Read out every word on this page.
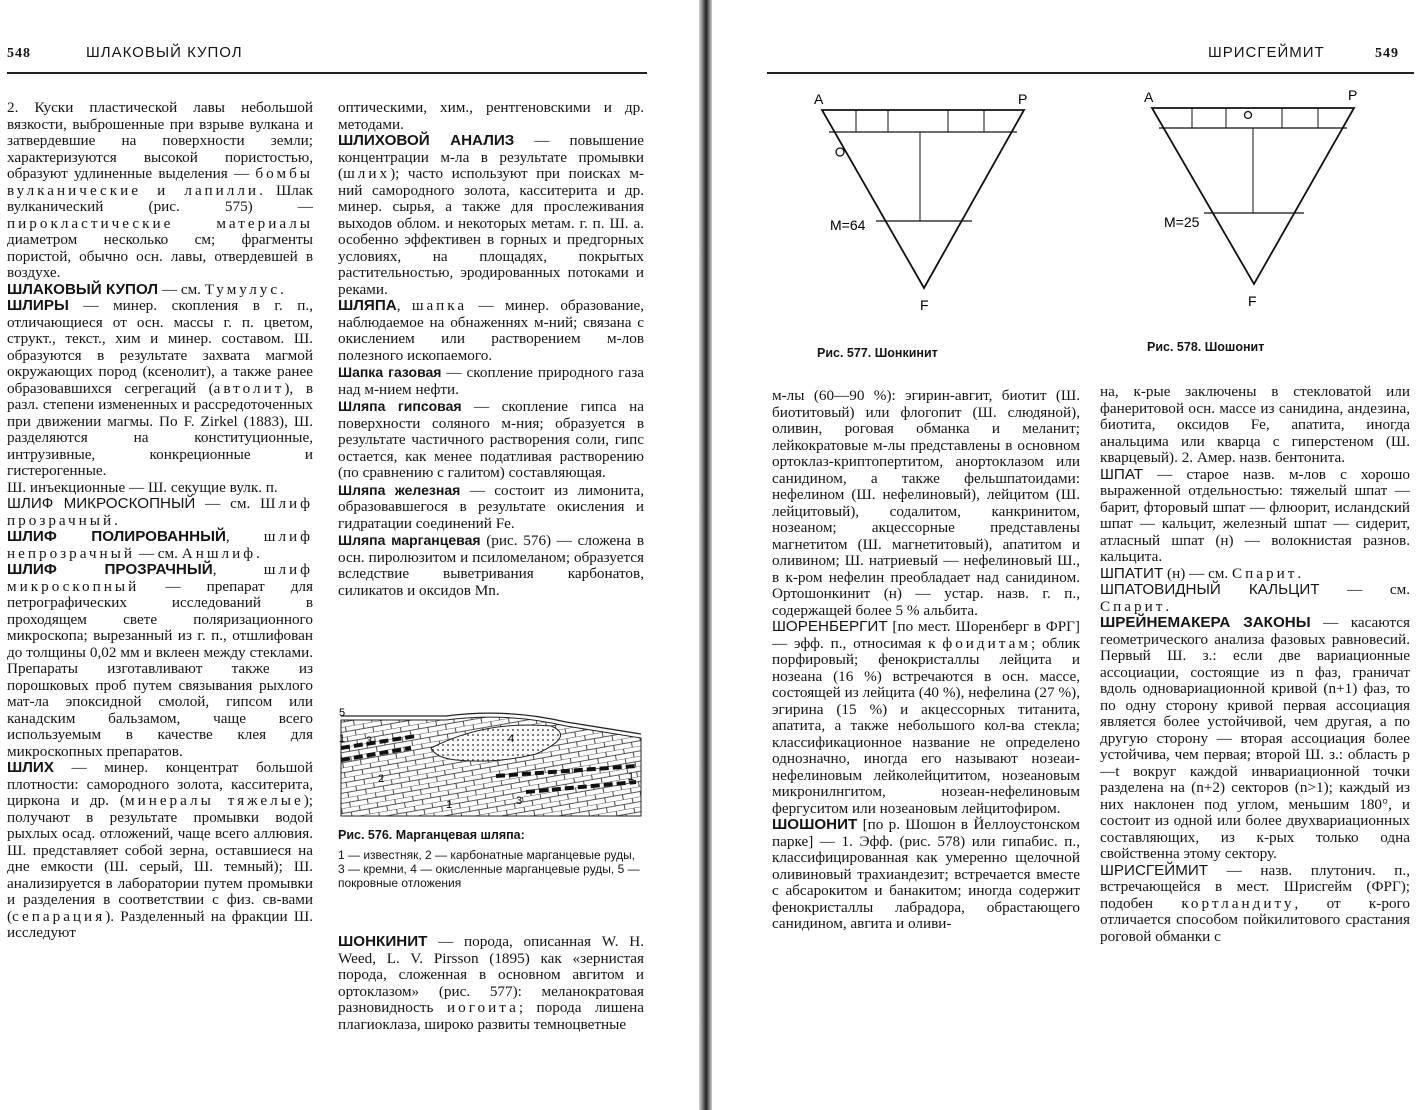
548	ШЛАКОВЫЙ КУПОЛ

2. Куски пластической лавы небольшой вязкости, выброшенные при взрыве вулкана и затвердевшие на поверхности земли; характеризуются высокой пористостью, образуют удлиненные выделения — бомбы вулканические и лапилли. Шлак вулканический (рис. 575) — пирокластические материалы диаметром несколько см; фрагменты пористой, обычно осн. лавы, отвердевшей в воздухе.

ШЛАКОВЫЙ КУПОЛ — см. Тумулус.

ШЛИРЫ — минер. скопления в г. п., отличающиеся от осн. массы г. п. цветом, структ., текст., хим и минер. составом. Ш. образуются в результате захвата магмой окружающих пород (ксенолит), а также ранее образовавшихся сегрегаций (автолит), в разл. степени измененных и рассредоточенных при движении магмы. По F. Zirkel (1883), Ш. разделяются на конституционные, интрузивные, конкреционные и гистерогенные.

Ш. инъекционные — Ш. секущие вулк. п.

ШЛИФ МИКРОСКОПНЫЙ — см. Шлиф прозрачный.

ШЛИФ ПОЛИРОВАННЫЙ, шлиф непрозрачный — см. Аншлиф.

ШЛИФ ПРОЗРАЧНЫЙ, шлиф микроскопный — препарат для петрографических исследований в проходящем свете поляризационного микроскопа; вырезанный из г. п., отшлифован до толщины 0,02 мм и вклеен между стеклами. Препараты изготавливают также из порошковых проб путем связывания рыхлого мат-ла эпоксидной смолой, гипсом или канадским бальзамом, чаще всего используемым в качестве клея для микроскопных препаратов.

ШЛИХ — минер. концентрат большой плотности: самородного золота, касситерита, циркона и др. (минералы тяжелые); получают в результате промывки водой рыхлых осад. отложений, чаще всего аллювия. Ш. представляет собой зерна, оставшиеся на дне емкости (Ш. серый, Ш. темный); Ш. анализируется в лаборатории путем промывки и разделения в соответствии с физ. св-вами (сепарация). Разделенный на фракции Ш. исследуют

оптическими, хим., рентгеновскими и др. методами.

ШЛИХОВОЙ АНАЛИЗ — повышение концентрации м-ла в результате промывки (шлих); часто используют при поисках м-ний самородного золота, касситерита и др. минер. сырья, а также для прослеживания выходов облом. и некоторых метам. г. п. Ш. а. особенно эффективен в горных и предгорных условиях, на площадях, покрытых растительностью, эродированных потоками и реками.

ШЛЯПА, шапка — минер. образование, наблюдаемое на обнаженнях м-ний; связана с окислением или растворением м-лов полезного ископаемого.

Шапка газовая — скопление природного газа над м-нием нефти.

Шляпа гипсовая — скопление гипса на поверхности соляного м-ния; образуется в результате частичного растворения соли, гипс остается, как менее податливая растворению (по сравнению с галитом) составляющая.

Шляпа железная — состоит из лимонита, образовавшегося в результате окисления и гидратации соединений Fe.

Шляпа марганцевая (рис. 576) — сложена в осн. пиролюзитом и псиломеланом; образуется вследствие выветривания карбонатов, силикатов и оксидов Mn.

5
1 3	4
2
1	3
1
Рис. 576. Марганцевая шляпа:
1 — известняк, 2 — карбонатные марганцевые руды, 3 — кремни, 4 — окисленные марганцевые руды, 5 — покровные отложения

ШОНКИНИТ — порода, описанная W. H. Weed, L. V. Pirsson (1895) как «зернистая порода, сложенная в основном авгитом и ортоклазом» (рис. 577): меланократовая разновидность иогоита; порода лишена плагиоклаза, широко развиты темноцветные

ШРИСГЕЙМИТ	549
A	P
F
M=64
Рис. 577. Шонкинит
A	P
F
M=25
Рис. 578. Шошонит

м-лы (60—90 %): эгирин-авгит, биотит (Ш. биотитовый) или флогопит (Ш. слюдяной), оливин, роговая обманка и меланит; лейкократовые м-лы представлены в основном ортоклаз-криптопертитом, анортоклазом или санидином, а также фельшпатоидами: нефелином (Ш. нефелиновый), лейцитом (Ш. лейцитовый), содалитом, канкринитом, нозеаном; акцессорные представлены магнетитом (Ш. магнетитовый), апатитом и оливином; Ш. натриевый — нефелиновый Ш., в к-ром нефелин преобладает над санидином. Ортошонкинит (н) — устар. назв. г. п., содержащей более 5 % альбита.

ШОРЕНБЕРГИТ [по мест. Шоренберг в ФРГ] — эфф. п., относимая к фоидитам; облик порфировый; фенокристаллы лейцита и нозеана (16 %) встречаются в осн. массе, состоящей из лейцита (40 %), нефелина (27 %), эгирина (15 %) и акцессорных титанита, апатита, а также небольшого кол-ва стекла; классификационное название не определено однозначно, иногда его называют нозеаи-нефелиновым лейколейцититом, нозеановым микронилнгитом, нозеан-нефелиновым фергуситом или нозеановым лейцитофиром.

ШОШОНИТ [по р. Шошон в Йеллоустонском парке] — 1. Эфф. (рис. 578) или гипабис. п., классифицированная как умеренно щелочной оливиновый трахиандезит; встречается вместе с абсарокитом и банакитом; иногда содержит фенокристаллы лабрадора, обрастающего санидином, авгита и оливи-

на, к-рые заключены в стекловатой или фанеритовой осн. массе из санидина, андезина, биотита, оксидов Fe, апатита, иногда анальцима или кварца с гиперстеном (Ш. кварцевый). 2. Амер. назв. бентонита.

ШПАТ — старое назв. м-лов с хорошо выраженной отдельностью: тяжелый шпат — барит, фторовый шпат — флюорит, исландский шпат — кальцит, железный шпат — сидерит, атласный шпат (н) — волокнистая разнов. кальцита.

ШПАТИТ (н) — см. Спарит.

ШПАТОВИДНЫЙ КАЛЬЦИТ — см. Спарит.

ШРЕЙНЕМАКЕРА ЗАКОНЫ — касаются геометрического анализа фазовых равновесий. Первый Ш. з.: если две вариационные ассоциации, состоящие из n фаз, граничат вдоль одновариационной кривой (n+1) фаз, то по одну сторону кривой первая ассоциация является более устойчивой, чем другая, а по другую сторону — вторая ассоциация более устойчива, чем первая; второй Ш. з.: область p—t вокруг каждой инвариационной точки разделена на (n+2) секторов (n>1); каждый из них наклонен под углом, меньшим 180°, и состоит из одной или более двухвариационных составляющих, из к-рых только одна свойственна этому сектору.

ШРИСГЕЙМИТ — назв. плутонич. п., встречающейся в мест. Шрисгейм (ФРГ); подобен кортландиту, от к-рого отличается способом пойкилитового срастания роговой обманки с
